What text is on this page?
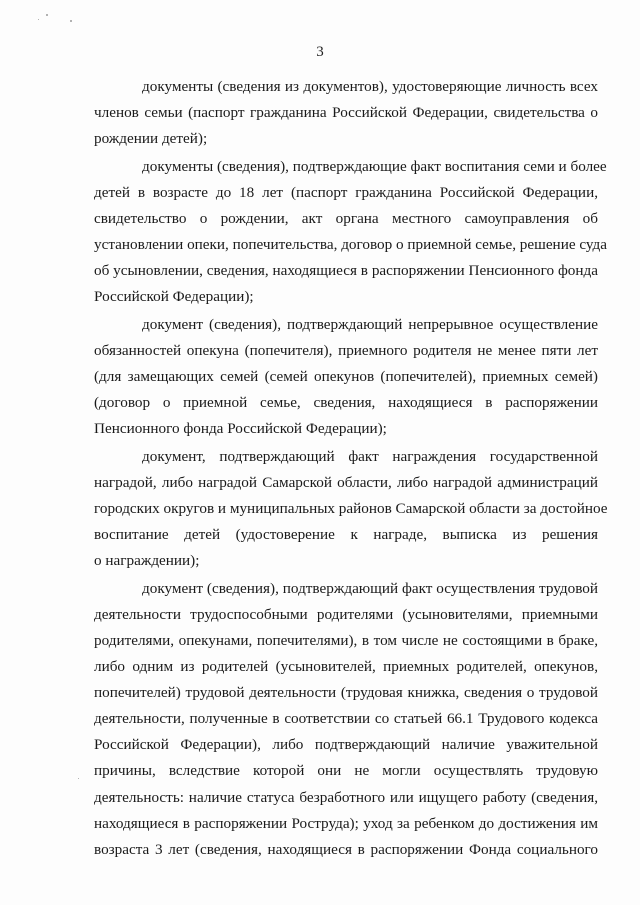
3
документы (сведения из документов), удостоверяющие личность всех
членов семьи (паспорт гражданина Российской Федерации, свидетельства о
рождении детей);
документы (сведения), подтверждающие факт воспитания семи и более
детей в возрасте до 18 лет (паспорт гражданина Российской Федерации,
свидетельство о рождении, акт органа местного самоуправления об
установлении опеки, попечительства, договор о приемной семье, решение суда
об усыновлении, сведения, находящиеся в распоряжении Пенсионного фонда
Российской Федерации);
документ (сведения), подтверждающий непрерывное осуществление
обязанностей опекуна (попечителя), приемного родителя не менее пяти лет
(для замещающих семей (семей опекунов (попечителей), приемных семей)
(договор о приемной семье, сведения, находящиеся в распоряжении
Пенсионного фонда Российской Федерации);
документ, подтверждающий факт награждения государственной
наградой, либо наградой Самарской области, либо наградой администраций
городских округов и муниципальных районов Самарской области за достойное
воспитание детей (удостоверение к награде, выписка из решения
о награждении);
документ (сведения), подтверждающий факт осуществления трудовой
деятельности трудоспособными родителями (усыновителями, приемными
родителями, опекунами, попечителями), в том числе не состоящими в браке,
либо одним из родителей (усыновителей, приемных родителей, опекунов,
попечителей) трудовой деятельности (трудовая книжка, сведения о трудовой
деятельности, полученные в соответствии со статьей 66.1 Трудового кодекса
Российской Федерации), либо подтверждающий наличие уважительной
причины, вследствие которой они не могли осуществлять трудовую
деятельность: наличие статуса безработного или ищущего работу (сведения,
находящиеся в распоряжении Роструда); уход за ребенком до достижения им
возраста 3 лет (сведения, находящиеся в распоряжении Фонда социального
